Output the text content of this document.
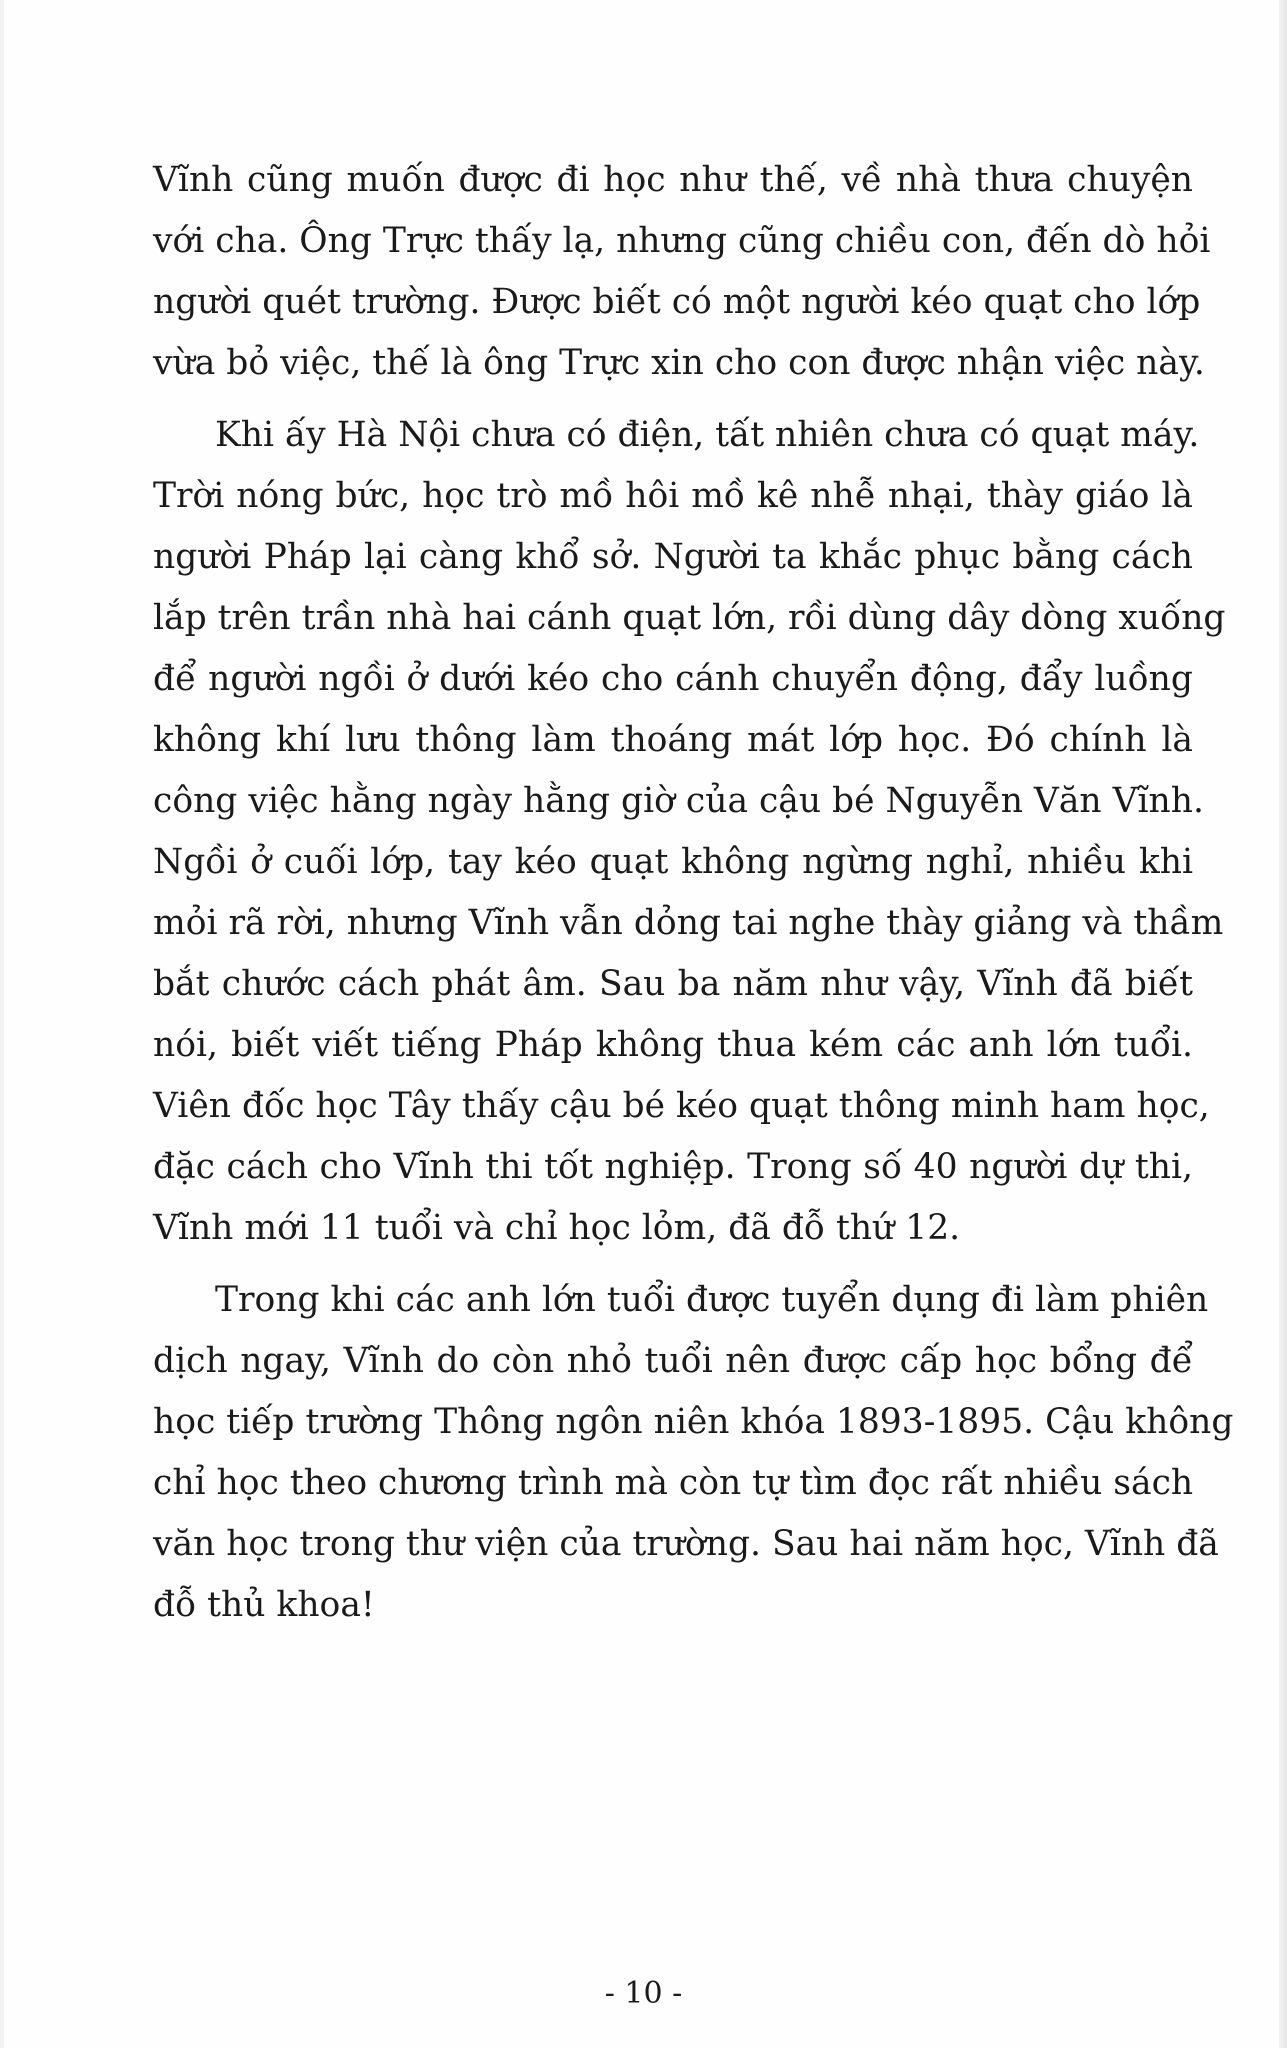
Vĩnh cũng muốn được đi học như thế, về nhà thưa chuyện
với cha. Ông Trực thấy lạ, nhưng cũng chiều con, đến dò hỏi
người quét trường. Được biết có một người kéo quạt cho lớp
vừa bỏ việc, thế là ông Trực xin cho con được nhận việc này.

Khi ấy Hà Nội chưa có điện, tất nhiên chưa có quạt máy.
Trời nóng bức, học trò mồ hôi mồ kê nhễ nhại, thày giáo là
người Pháp lại càng khổ sở. Người ta khắc phục bằng cách
lắp trên trần nhà hai cánh quạt lớn, rồi dùng dây dòng xuống
để người ngồi ở dưới kéo cho cánh chuyển động, đẩy luồng
không khí lưu thông làm thoáng mát lớp học. Đó chính là
công việc hằng ngày hằng giờ của cậu bé Nguyễn Văn Vĩnh.
Ngồi ở cuối lớp, tay kéo quạt không ngừng nghỉ, nhiều khi
mỏi rã rời, nhưng Vĩnh vẫn dỏng tai nghe thày giảng và thầm
bắt chước cách phát âm. Sau ba năm như vậy, Vĩnh đã biết
nói, biết viết tiếng Pháp không thua kém các anh lớn tuổi.
Viên đốc học Tây thấy cậu bé kéo quạt thông minh ham học,
đặc cách cho Vĩnh thi tốt nghiệp. Trong số 40 người dự thi,
Vĩnh mới 11 tuổi và chỉ học lỏm, đã đỗ thứ 12.

Trong khi các anh lớn tuổi được tuyển dụng đi làm phiên
dịch ngay, Vĩnh do còn nhỏ tuổi nên được cấp học bổng để
học tiếp trường Thông ngôn niên khóa 1893-1895. Cậu không
chỉ học theo chương trình mà còn tự tìm đọc rất nhiều sách
văn học trong thư viện của trường. Sau hai năm học, Vĩnh đã
đỗ thủ khoa!

- 10 -
